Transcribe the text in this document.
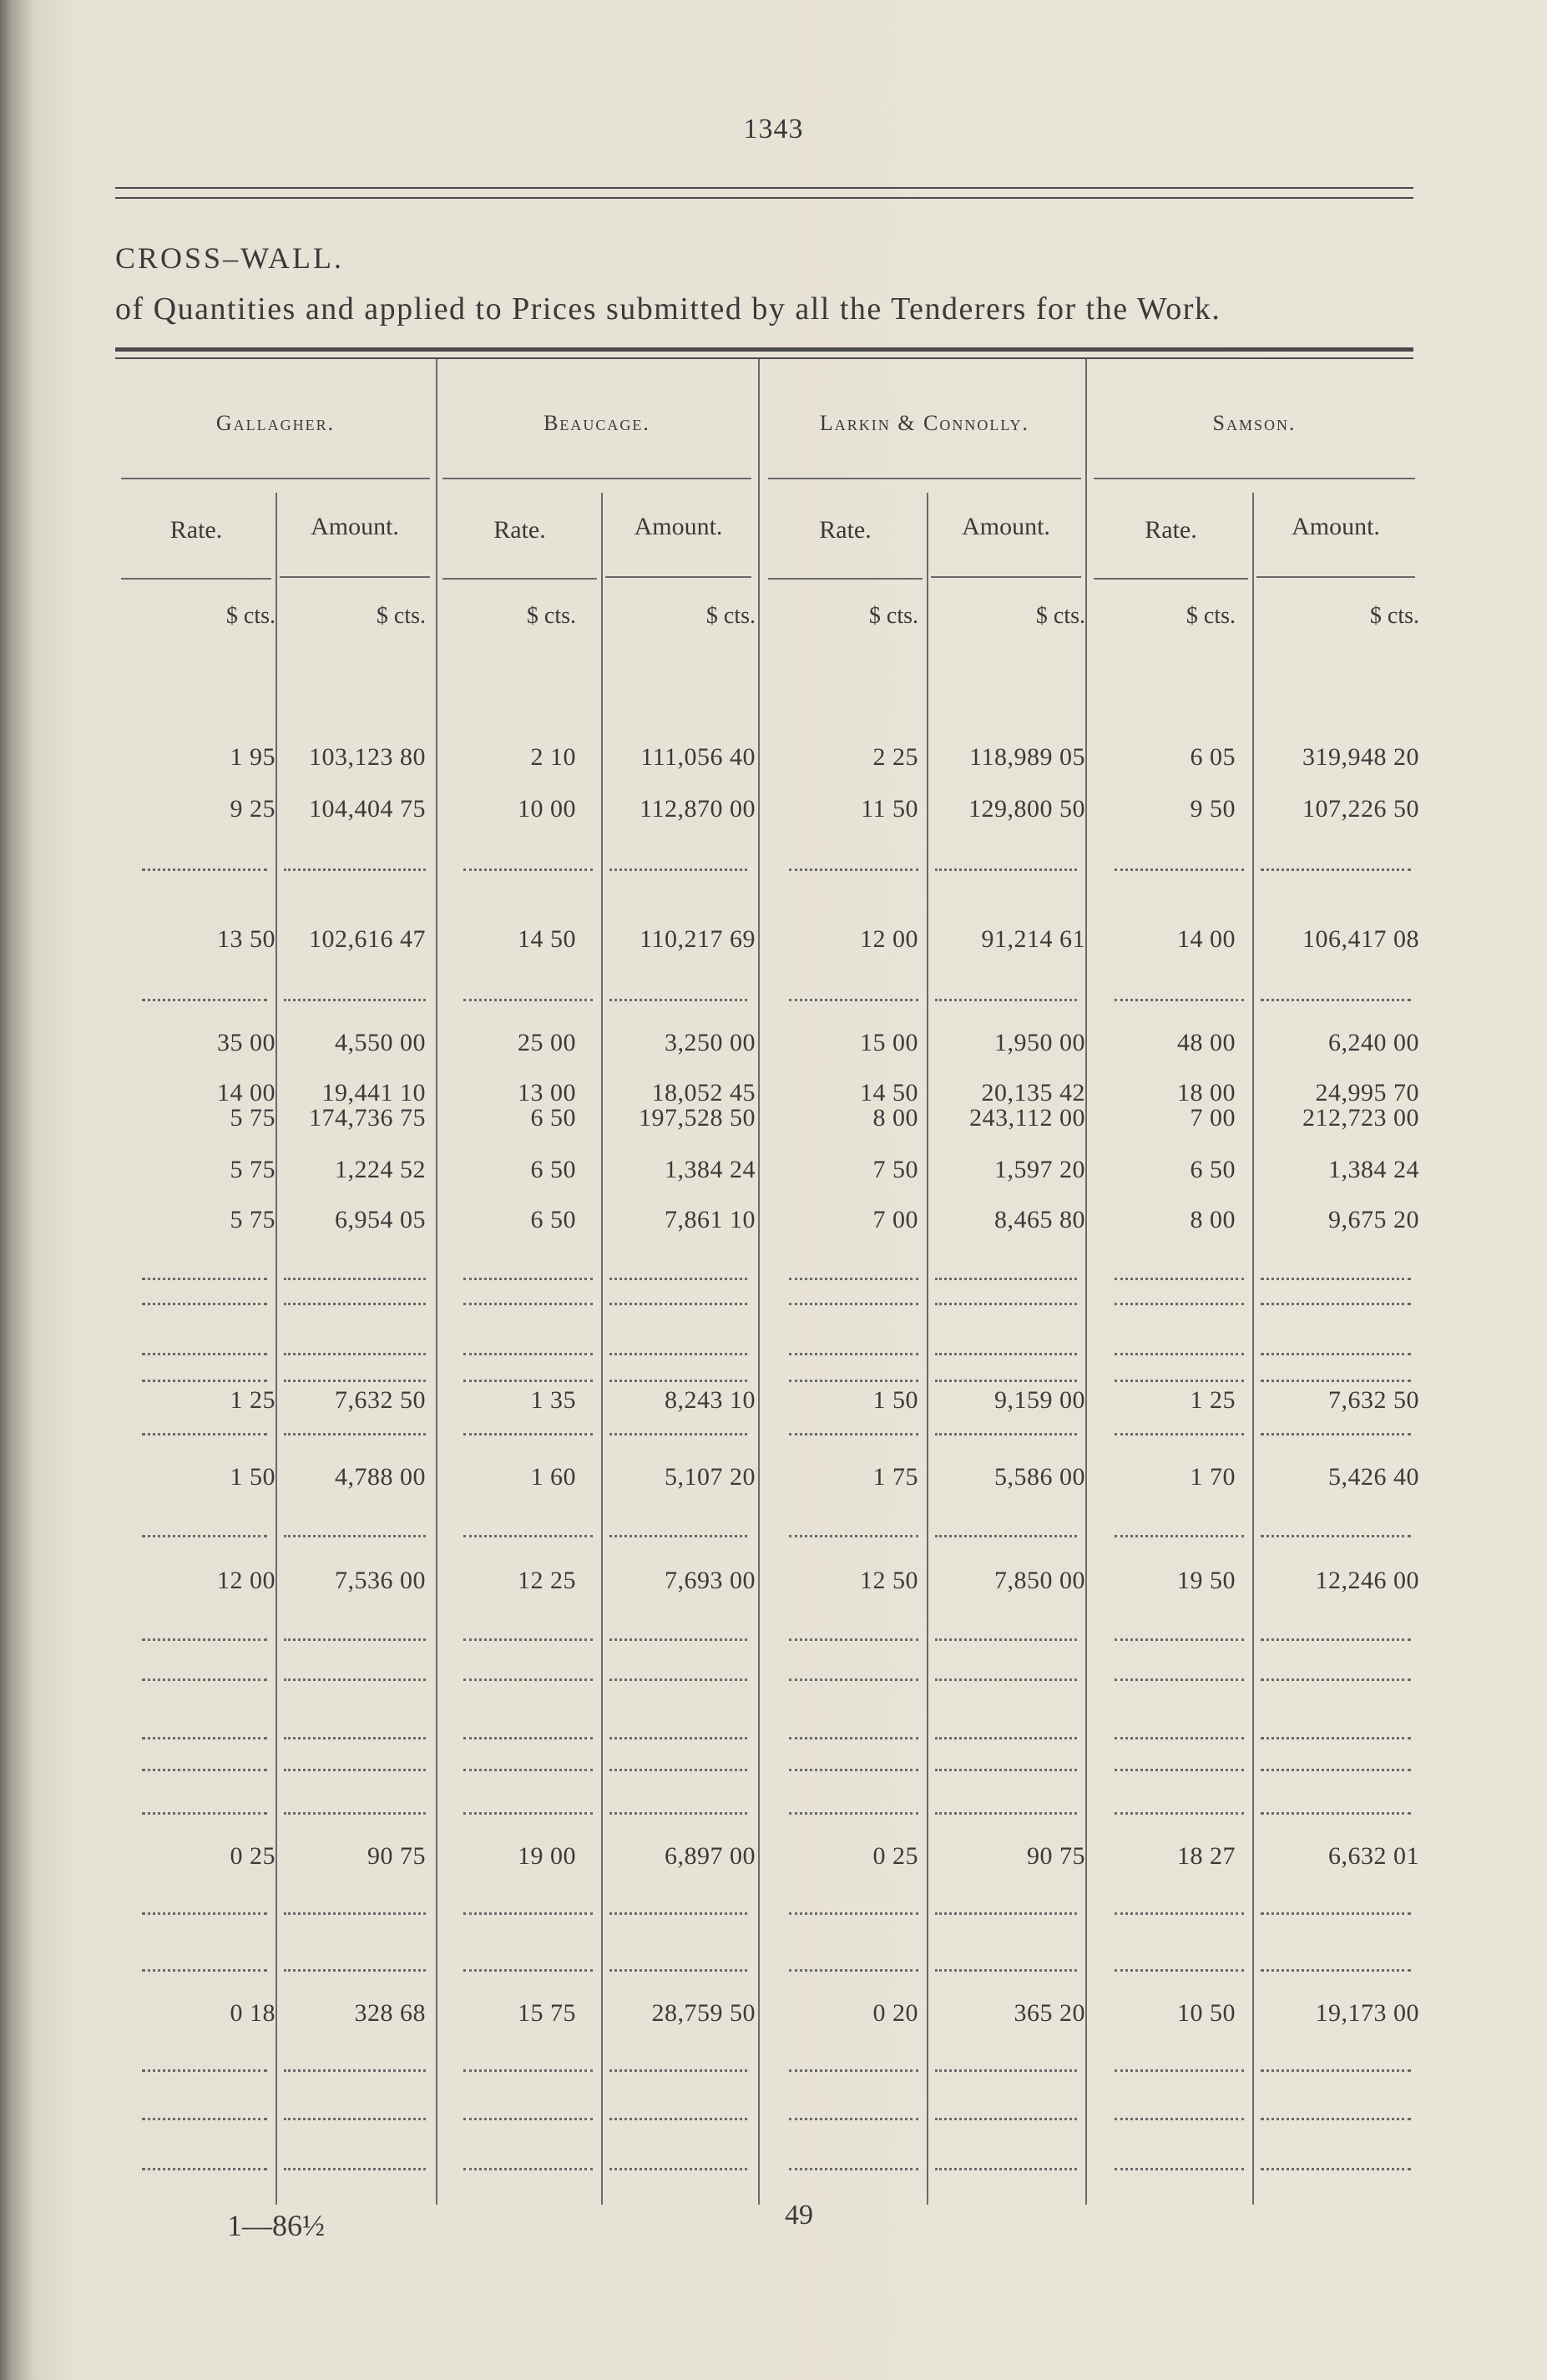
1343
CROSS–WALL.
of Quantities and applied to Prices submitted by all the Tenderers for the Work.
Gallagher.	Beaucage.	Larkin & Connolly.	Samson.
Rate.	Amount.	Rate.	Amount.	Rate.	Amount.	Rate.	Amount.
$ cts.	$ cts.	$ cts.	$ cts.	$ cts.	$ cts.	$ cts.	$ cts.
1 95	103,123 80	2 10	111,056 40	2 25	118,989 05	6 05	319,948 20
9 25	104,404 75	10 00	112,870 00	11 50	129,800 50	9 50	107,226 50
13 50	102,616 47	14 50	110,217 69	12 00	91,214 61	14 00	106,417 08
35 00	4,550 00	25 00	3,250 00	15 00	1,950 00	48 00	6,240 00
14 00	19,441 10	13 00	18,052 45	14 50	20,135 42	18 00	24,995 70
5 75	174,736 75	6 50	197,528 50	8 00	243,112 00	7 00	212,723 00
5 75	1,224 52	6 50	1,384 24	7 50	1,597 20	6 50	1,384 24
5 75	6,954 05	6 50	7,861 10	7 00	8,465 80	8 00	9,675 20
1 25	7,632 50	1 35	8,243 10	1 50	9,159 00	1 25	7,632 50
1 50	4,788 00	1 60	5,107 20	1 75	5,586 00	1 70	5,426 40
12 00	7,536 00	12 25	7,693 00	12 50	7,850 00	19 50	12,246 00
0 25	90 75	19 00	6,897 00	0 25	90 75	18 27	6,632 01
0 18	328 68	15 75	28,759 50	0 20	365 20	10 50	19,173 00
1—86½	49
